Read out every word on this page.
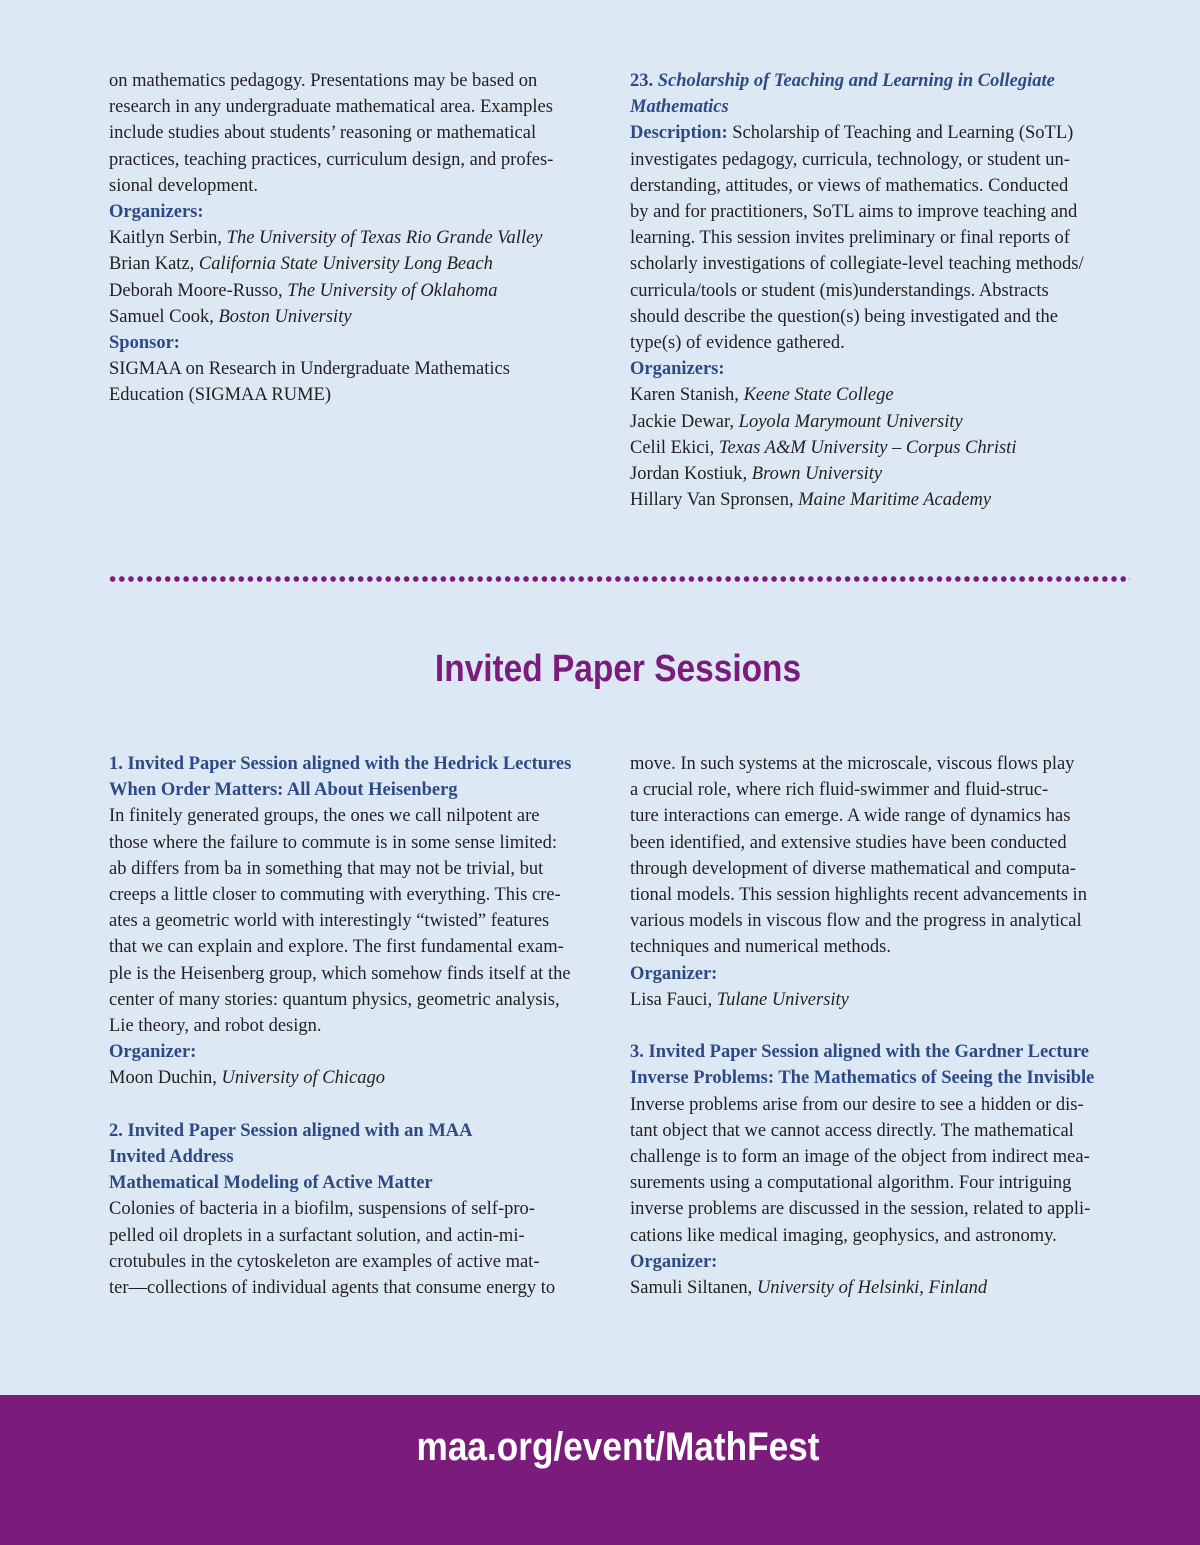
on mathematics pedagogy. Presentations may be based on
research in any undergraduate mathematical area. Examples
include studies about students’ reasoning or mathematical
practices, teaching practices, curriculum design, and profes-
sional development.
Organizers:
Kaitlyn Serbin, The University of Texas Rio Grande Valley
Brian Katz, California State University Long Beach
Deborah Moore-Russo, The University of Oklahoma
Samuel Cook, Boston University
Sponsor:
SIGMAA on Research in Undergraduate Mathematics
Education (SIGMAA RUME)
23. Scholarship of Teaching and Learning in Collegiate
Mathematics
Description: Scholarship of Teaching and Learning (SoTL)
investigates pedagogy, curricula, technology, or student un-
derstanding, attitudes, or views of mathematics. Conducted
by and for practitioners, SoTL aims to improve teaching and
learning. This session invites preliminary or final reports of
scholarly investigations of collegiate-level teaching methods/
curricula/tools or student (mis)understandings. Abstracts
should describe the question(s) being investigated and the
type(s) of evidence gathered.
Organizers:
Karen Stanish, Keene State College
Jackie Dewar, Loyola Marymount University
Celil Ekici, Texas A&M University – Corpus Christi
Jordan Kostiuk, Brown University
Hillary Van Spronsen, Maine Maritime Academy
Invited Paper Sessions
1. Invited Paper Session aligned with the Hedrick Lectures
When Order Matters: All About Heisenberg
In finitely generated groups, the ones we call nilpotent are
those where the failure to commute is in some sense limited:
ab differs from ba in something that may not be trivial, but
creeps a little closer to commuting with everything. This cre-
ates a geometric world with interestingly “twisted” features
that we can explain and explore. The first fundamental exam-
ple is the Heisenberg group, which somehow finds itself at the
center of many stories: quantum physics, geometric analysis,
Lie theory, and robot design.
Organizer:
Moon Duchin, University of Chicago
2. Invited Paper Session aligned with an MAA
Invited Address
Mathematical Modeling of Active Matter
Colonies of bacteria in a biofilm, suspensions of self-pro-
pelled oil droplets in a surfactant solution, and actin-mi-
crotubules in the cytoskeleton are examples of active mat-
ter—collections of individual agents that consume energy to
move. In such systems at the microscale, viscous flows play
a crucial role, where rich fluid-swimmer and fluid-struc-
ture interactions can emerge. A wide range of dynamics has
been identified, and extensive studies have been conducted
through development of diverse mathematical and computa-
tional models. This session highlights recent advancements in
various models in viscous flow and the progress in analytical
techniques and numerical methods.
Organizer:
Lisa Fauci, Tulane University
3. Invited Paper Session aligned with the Gardner Lecture
Inverse Problems: The Mathematics of Seeing the Invisible
Inverse problems arise from our desire to see a hidden or dis-
tant object that we cannot access directly. The mathematical
challenge is to form an image of the object from indirect mea-
surements using a computational algorithm. Four intriguing
inverse problems are discussed in the session, related to appli-
cations like medical imaging, geophysics, and astronomy.
Organizer:
Samuli Siltanen, University of Helsinki, Finland
maa.org/event/MathFest
